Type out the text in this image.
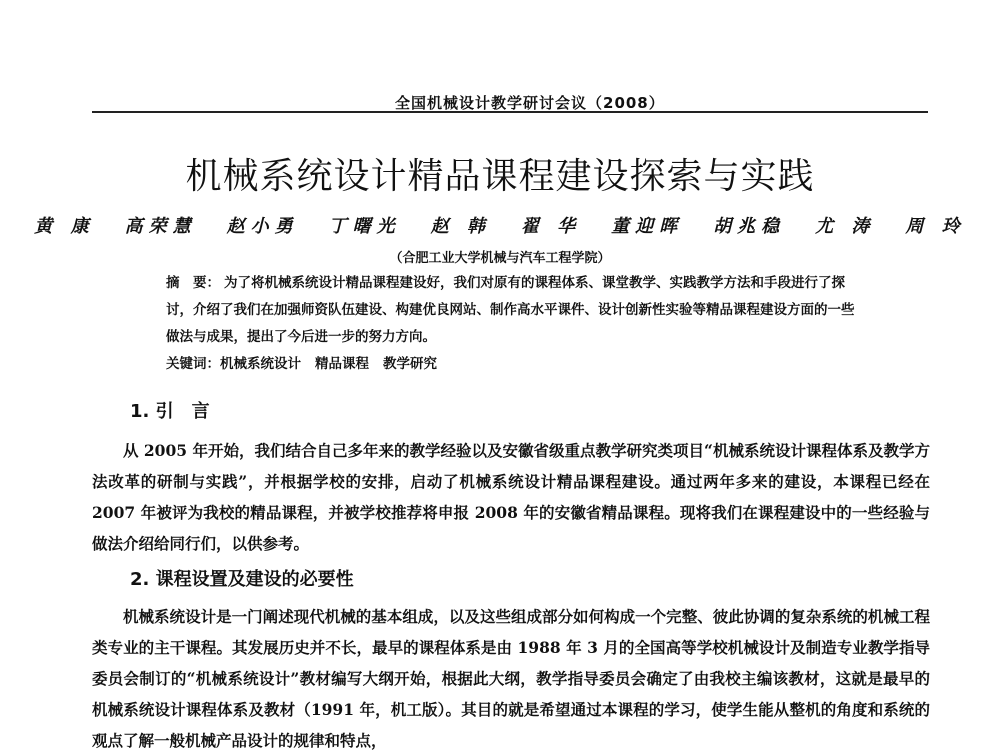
全国机械设计教学研讨会议（2008）
机械系统设计精品课程建设探索与实践
黄 康 高荣慧 赵小勇 丁曙光 赵 韩 翟 华 董迎晖 胡兆稳 尤 涛 周 玲
（合肥工业大学机械与汽车工程学院）
摘　要： 为了将机械系统设计精品课程建设好，我们对原有的课程体系、课堂教学、实践教学方法和手段进行了探讨，介绍了我们在加强师资队伍建设、构建优良网站、制作高水平课件、设计创新性实验等精品课程建设方面的一些做法与成果，提出了今后进一步的努力方向。
关键词：机械系统设计 精品课程 教学研究
1. 引　言
从 2005 年开始，我们结合自己多年来的教学经验以及安徽省级重点教学研究类项目“机械系统设计课程体系及教学方法改革的研制与实践”，并根据学校的安排，启动了机械系统设计精品课程建设。通过两年多来的建设，本课程已经在 2007 年被评为我校的精品课程，并被学校推荐将申报 2008 年的安徽省精品课程。现将我们在课程建设中的一些经验与做法介绍给同行们，以供参考。
2. 课程设置及建设的必要性
机械系统设计是一门阐述现代机械的基本组成，以及这些组成部分如何构成一个完整、彼此协调的复杂系统的机械工程类专业的主干课程。其发展历史并不长，最早的课程体系是由 1988 年 3 月的全国高等学校机械设计及制造专业教学指导委员会制订的“机械系统设计”教材编写大纲开始，根据此大纲，教学指导委员会确定了由我校主编该教材，这就是最早的机械系统设计课程体系及教材（1991 年，机工版）。其目的就是希望通过本课程的学习，使学生能从整机的角度和系统的观点了解一般机械产品设计的规律和特点，
